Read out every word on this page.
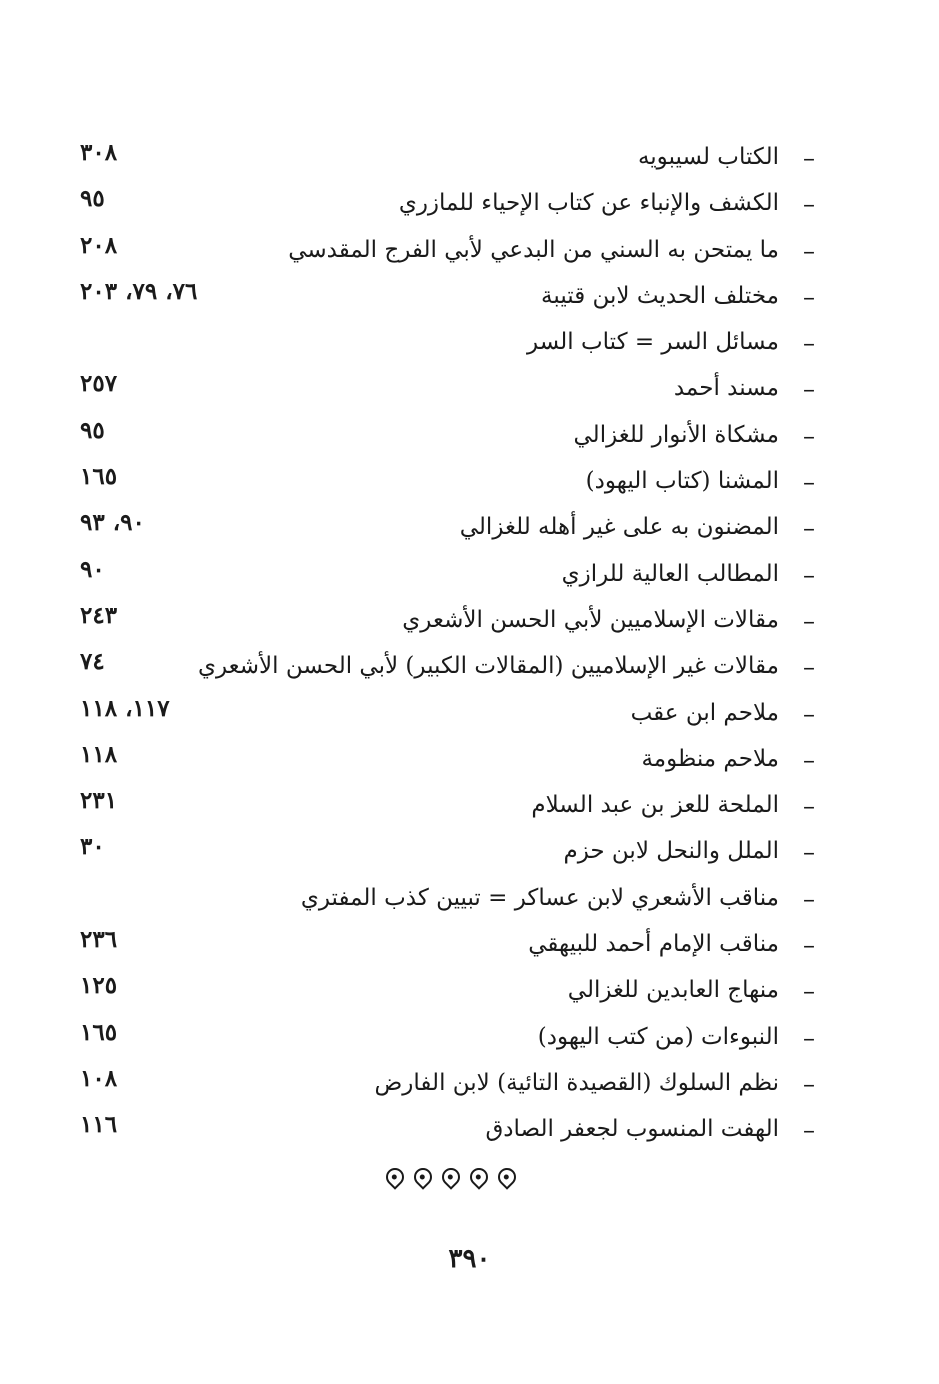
–
الكتاب لسيبويه
٣٠٨
–
الكشف والإنباء عن كتاب الإحياء للمازري
٩٥
–
ما يمتحن به السني من البدعي لأبي الفرج المقدسي
٢٠٨
–
مختلف الحديث لابن قتيبة
٧٦، ٧٩، ٢٠٣
–
مسائل السر = كتاب السر
–
مسند أحمد
٢٥٧
–
مشكاة الأنوار للغزالي
٩٥
–
المشنا (كتاب اليهود)
١٦٥
–
المضنون به على غير أهله للغزالي
٩٠، ٩٣
–
المطالب العالية للرازي
٩٠
–
مقالات الإسلاميين لأبي الحسن الأشعري
٢٤٣
–
مقالات غير الإسلاميين (المقالات الكبير) لأبي الحسن الأشعري
٧٤
–
ملاحم ابن عقب
١١٧، ١١٨
–
ملاحم منظومة
١١٨
–
الملحة للعز بن عبد السلام
٢٣١
–
الملل والنحل لابن حزم
٣٠
–
مناقب الأشعري لابن عساكر = تبيين كذب المفتري
–
مناقب الإمام أحمد للبيهقي
٢٣٦
–
منهاج العابدين للغزالي
١٢٥
–
النبوءات (من كتب اليهود)
١٦٥
–
نظم السلوك (القصيدة التائية) لابن الفارض
١٠٨
–
الهفت المنسوب لجعفر الصادق
١١٦
٣٩٠
